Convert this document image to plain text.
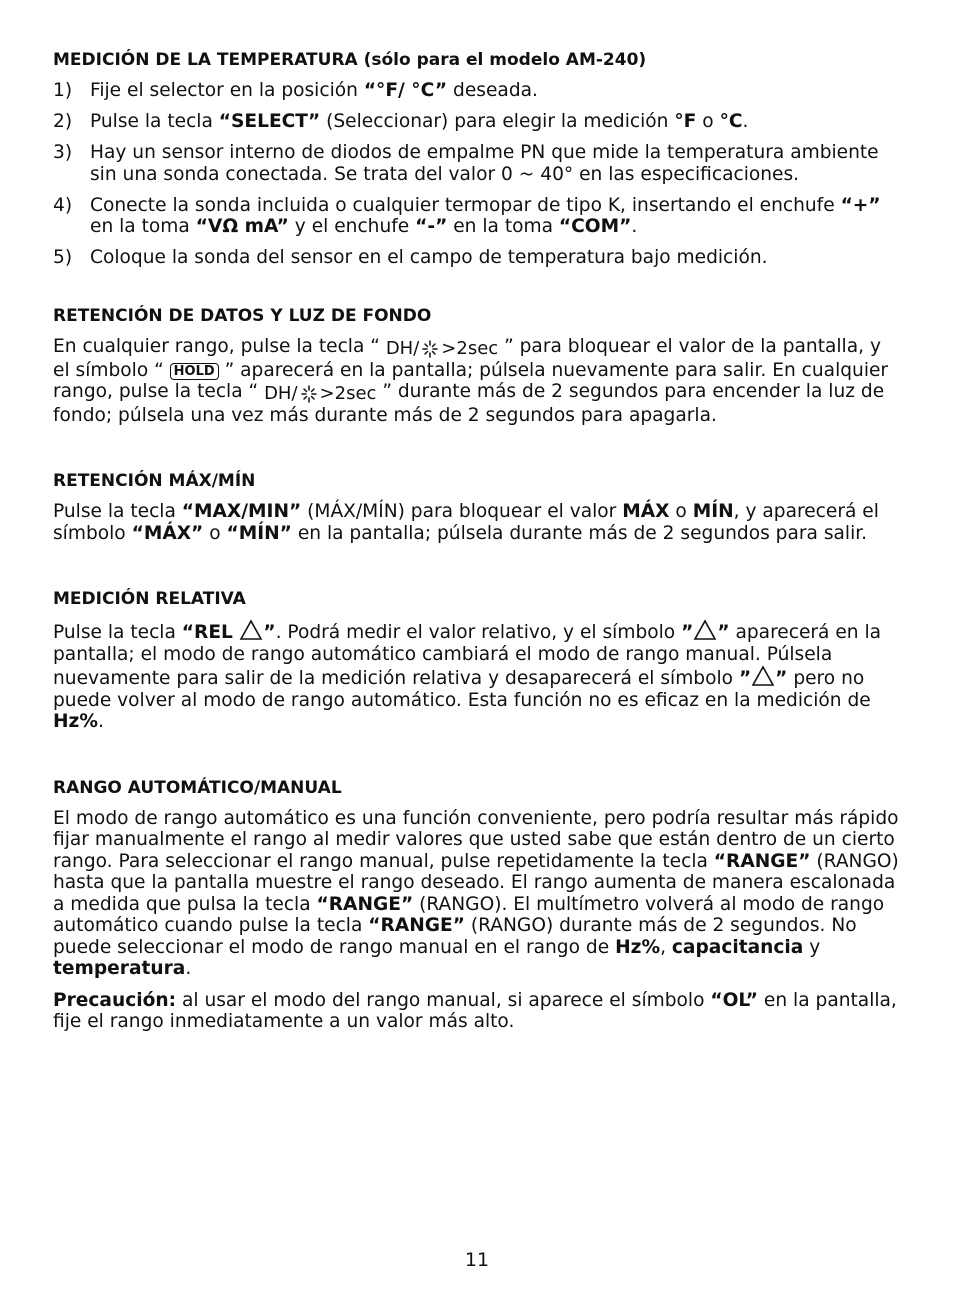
MEDICIÓN DE LA TEMPERATURA (sólo para el modelo AM-240)
1) Fije el selector en la posición “°F/ °C” deseada.
2) Pulse la tecla “SELECT” (Seleccionar) para elegir la medición °F o °C.
3) Hay un sensor interno de diodos de empalme PN que mide la temperatura ambiente sin una sonda conectada. Se trata del valor 0 ~ 40° en las especificaciones.
4) Conecte la sonda incluida o cualquier termopar de tipo K, insertando el enchufe “+” en la toma “VΩ mA” y el enchufe “-” en la toma “COM”.
5) Coloque la sonda del sensor en el campo de temperatura bajo medición.
RETENCIÓN DE DATOS Y LUZ DE FONDO

En cualquier rango, pulse la tecla “ DH/ >2sec ” para bloquear el valor de la pantalla, y el símbolo “ HOLD ” aparecerá en la pantalla; púlsela nuevamente para salir. En cualquier rango, pulse la tecla “ DH/ >2sec ” durante más de 2 segundos para encender la luz de fondo; púlsela una vez más durante más de 2 segundos para apagarla.

RETENCIÓN MÁX/MÍN

Pulse la tecla “MAX/MIN” (MÁX/MÍN) para bloquear el valor MÁX o MÍN, y aparecerá el símbolo “MÁX” o “MÍN” en la pantalla; púlsela durante más de 2 segundos para salir.

MEDICIÓN RELATIVA

Pulse la tecla “REL ”. Podrá medir el valor relativo, y el símbolo ” ” aparecerá en la pantalla; el modo de rango automático cambiará el modo de rango manual. Púlsela nuevamente para salir de la medición relativa y desaparecerá el símbolo ” ” pero no puede volver al modo de rango automático. Esta función no es eficaz en la medición de Hz%.

RANGO AUTOMÁTICO/MANUAL

El modo de rango automático es una función conveniente, pero podría resultar más rápido fijar manualmente el rango al medir valores que usted sabe que están dentro de un cierto rango. Para seleccionar el rango manual, pulse repetidamente la tecla “RANGE” (RANGO) hasta que la pantalla muestre el rango deseado. El rango aumenta de manera escalonada a medida que pulsa la tecla “RANGE” (RANGO). El multímetro volverá al modo de rango automático cuando pulse la tecla “RANGE” (RANGO) durante más de 2 segundos. No puede seleccionar el modo de rango manual en el rango de Hz%, capacitancia y temperatura.

Precaución: al usar el modo del rango manual, si aparece el símbolo “OL” en la pantalla, fije el rango inmediatamente a un valor más alto.

11
